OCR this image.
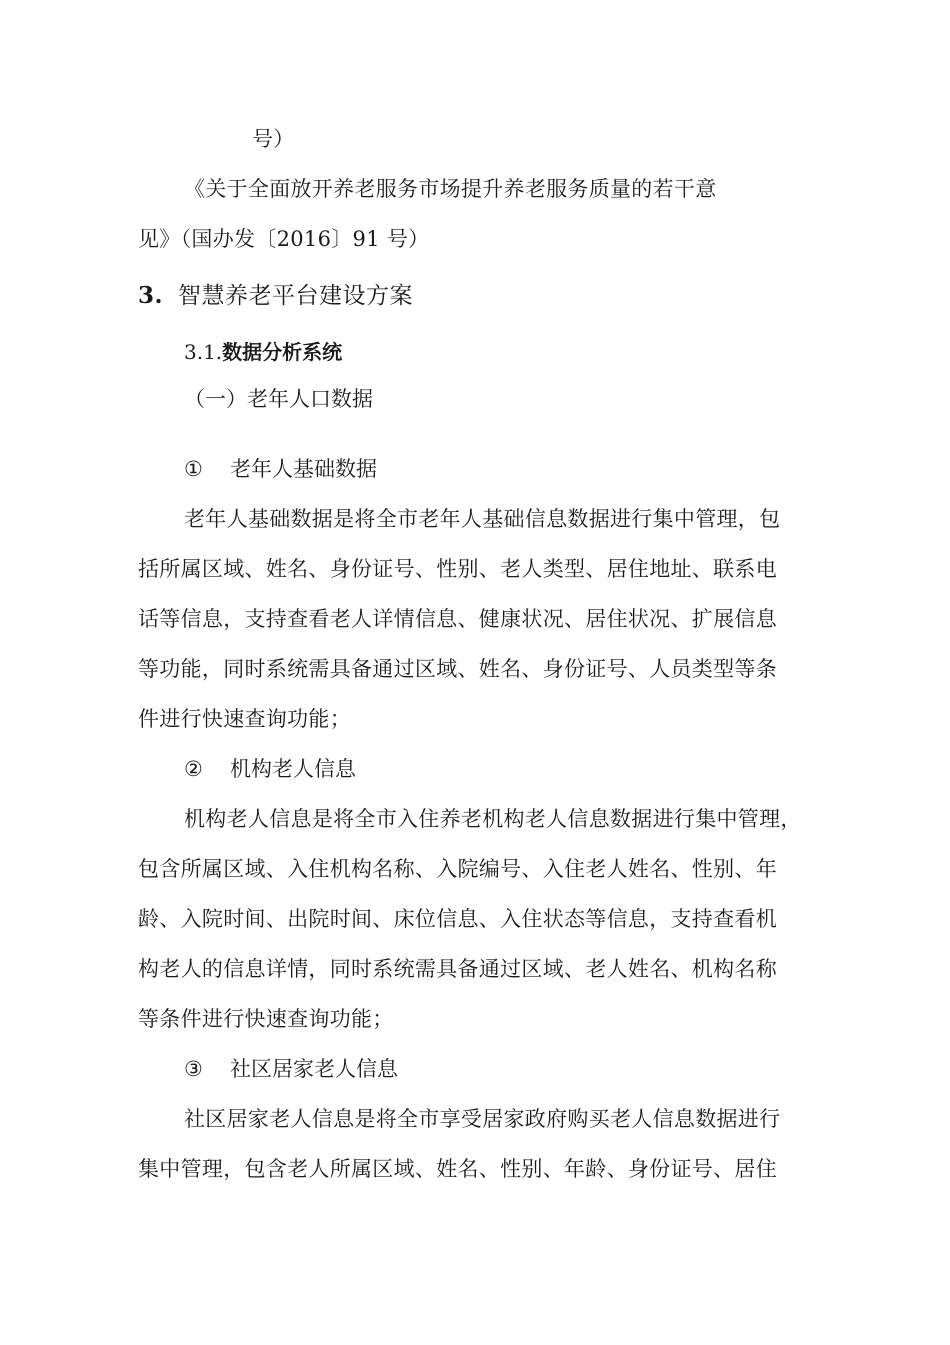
号）
《关于全面放开养老服务市场提升养老服务质量的若干意
见》（国办发〔2016〕91 号）
3. 智慧养老平台建设方案
3.1.数据分析系统
（一）老年人口数据
① 老年人基础数据
老年人基础数据是将全市老年人基础信息数据进行集中管理，包
括所属区域、姓名、身份证号、性别、老人类型、居住地址、联系电
话等信息，支持查看老人详情信息、健康状况、居住状况、扩展信息
等功能，同时系统需具备通过区域、姓名、身份证号、人员类型等条
件进行快速查询功能；
② 机构老人信息
机构老人信息是将全市入住养老机构老人信息数据进行集中管理，
包含所属区域、入住机构名称、入院编号、入住老人姓名、性别、年
龄、入院时间、出院时间、床位信息、入住状态等信息，支持查看机
构老人的信息详情，同时系统需具备通过区域、老人姓名、机构名称
等条件进行快速查询功能；
③ 社区居家老人信息
社区居家老人信息是将全市享受居家政府购买老人信息数据进行
集中管理，包含老人所属区域、姓名、性别、年龄、身份证号、居住
